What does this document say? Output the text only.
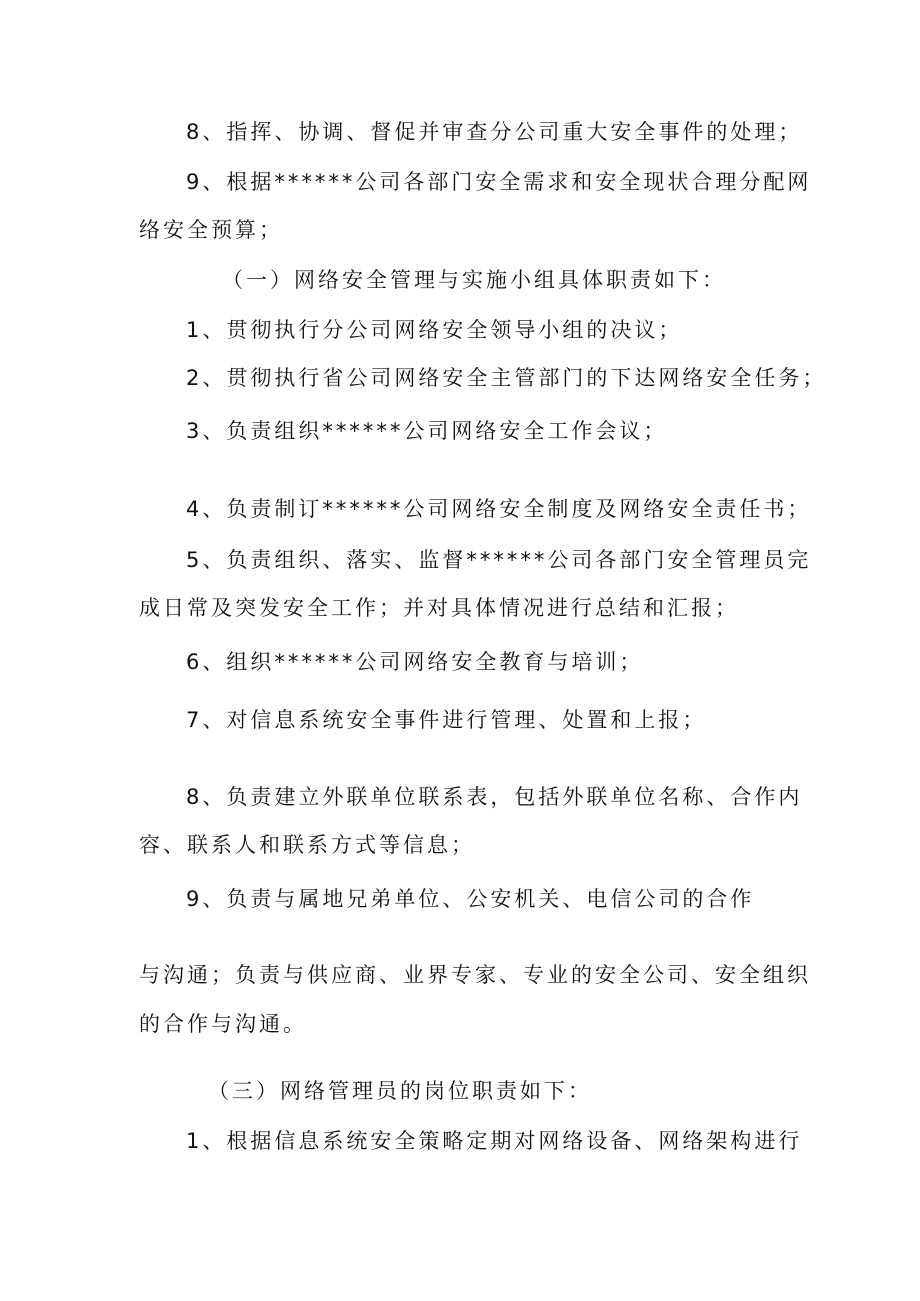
8、指挥、协调、督促并审查分公司重大安全事件的处理；
9、根据******公司各部门安全需求和安全现状合理分配网
络安全预算；
（一）网络安全管理与实施小组具体职责如下：
1、贯彻执行分公司网络安全领导小组的决议；
2、贯彻执行省公司网络安全主管部门的下达网络安全任务；
3、负责组织******公司网络安全工作会议；
4、负责制订******公司网络安全制度及网络安全责任书；
5、负责组织、落实、监督******公司各部门安全管理员完
成日常及突发安全工作；并对具体情况进行总结和汇报；
6、组织******公司网络安全教育与培训；
7、对信息系统安全事件进行管理、处置和上报；
8、负责建立外联单位联系表，包括外联单位名称、合作内
容、联系人和联系方式等信息；
9、负责与属地兄弟单位、公安机关、电信公司的合作
与沟通；负责与供应商、业界专家、专业的安全公司、安全组织
的合作与沟通。
（三）网络管理员的岗位职责如下：
1、根据信息系统安全策略定期对网络设备、网络架构进行
